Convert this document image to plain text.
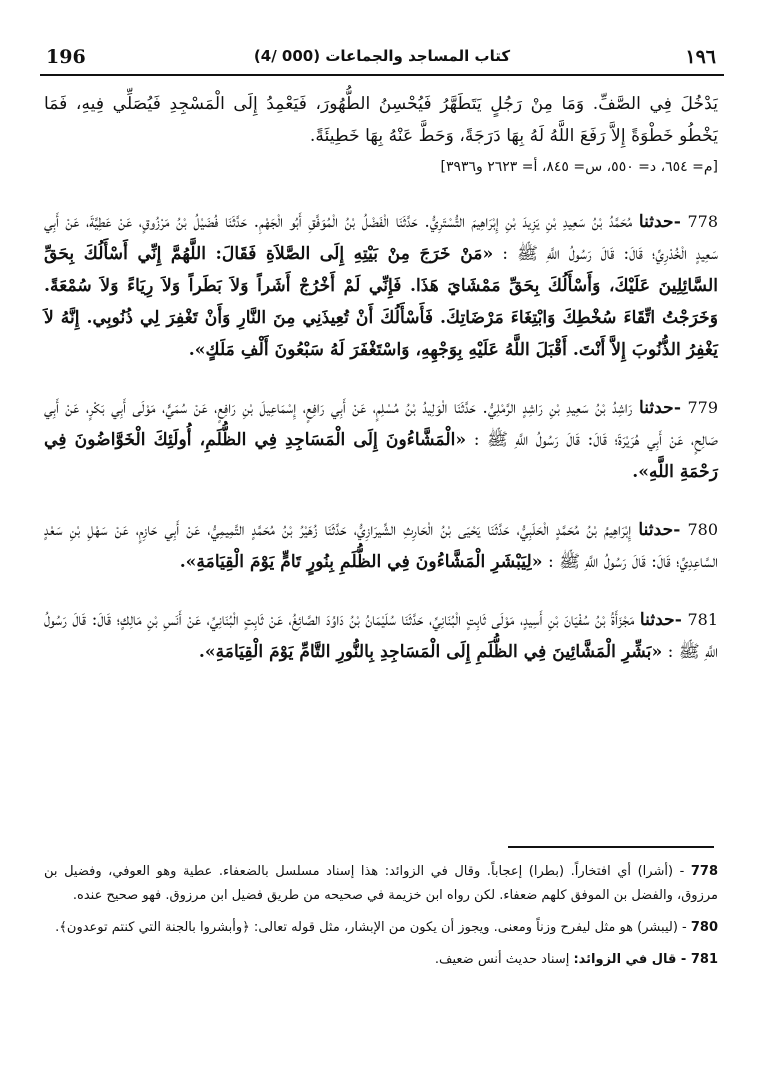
196	(4/ 000) كتاب المساجد والجماعات	١٩٦

يَدْخُلَ فِي الصَّفِّ. وَمَا مِنْ رَجُلٍ يَتَطَهَّرُ فَيُحْسِنُ الطُّهُورَ، فَيَعْمِدُ إِلَى الْمَسْجِدِ فَيُصَلِّي فِيهِ، فَمَا يَخْطُو خَطْوَةً إِلاَّ رَفَعَ اللَّهُ لَهُ بِهَا دَرَجَةً، وَحَطَّ عَنْهُ بِهَا خَطِيئَةً.

[م= ٦٥٤، د= ٥٥٠، س= ٨٤٥، أ= ٢٦٢٣ و٣٩٣٦]

778 -حدثنا مُحَمَّدُ بْنُ سَعِيدِ بْنِ يَزِيدَ بْنِ إِبْرَاهِيمَ التُّسْتَرِيُّ. حَدَّثَنَا الْفَضْلُ بْنُ الْمُوَفَّقِ أَبُو الْجَهْمِ. حَدَّثَنَا فُضَيْلُ بْنُ مَرْزُوقٍ، عَنْ عَطِيَّةَ، عَنْ أَبِي سَعِيدٍ الْخُدْرِيِّ؛ قَالَ: قَالَ رَسُولُ اللَّهِ ﷺ : «مَنْ خَرَجَ مِنْ بَيْتِهِ إِلَى الصَّلاَةِ فَقَالَ: اللَّهُمَّ إِنِّي أَسْأَلُكَ بِحَقِّ السَّائِلِينَ عَلَيْكَ، وَأَسْأَلُكَ بِحَقِّ مَمْشَايَ هَذَا. فَإِنِّي لَمْ أَخْرُجْ أَشَراً وَلاَ بَطَراً وَلاَ رِيَاءً وَلاَ سُمْعَةً. وَخَرَجْتُ اتِّقَاءَ سُخْطِكَ وَابْتِغَاءَ مَرْضَاتِكَ. فَأَسْأَلُكَ أَنْ تُعِيذَنِي مِنَ النَّارِ وَأَنْ تَغْفِرَ لِي ذُنُوبِي. إِنَّهُ لاَ يَغْفِرُ الذُّنُوبَ إِلاَّ أَنْتَ. أَقْبَلَ اللَّهُ عَلَيْهِ بِوَجْهِهِ، وَاسْتَغْفَرَ لَهُ سَبْعُونَ أَلْفِ مَلَكٍ».

779 -حدثنا رَاشِدُ بْنُ سَعِيدِ بْنِ رَاشِدٍ الرَّمْلِيُّ. حَدَّثَنَا الْوَلِيدُ بْنُ مُسْلِمٍ، عَنْ أَبِي رَافِعٍ، إِسْمَاعِيلَ بْنِ رَافِعٍ، عَنْ سُمَيٍّ، مَوْلَى أَبِي بَكْرٍ، عَنْ أَبِي صَالِحٍ، عَنْ أَبِي هُرَيْرَةَ؛ قَالَ: قَالَ رَسُولُ اللَّهِ ﷺ : «الْمَشَّاءُونَ إِلَى الْمَسَاجِدِ فِي الظُّلَمِ، أُولَئِكَ الْخَوَّاضُونَ فِي رَحْمَةِ اللَّهِ».

780 -حدثنا إِبْرَاهِيمُ بْنُ مُحَمَّدٍ الْحَلَبِيُّ، حَدَّثَنَا يَحْيَى بْنُ الْحَارِثِ الشِّيرَازِيُّ، حَدَّثَنَا زُهَيْرُ بْنُ مُحَمَّدٍ التَّمِيمِيُّ، عَنْ أَبِي حَازِمٍ، عَنْ سَهْلِ بْنِ سَعْدٍ السَّاعِدِيِّ؛ قَالَ: قَالَ رَسُولُ اللَّهِ ﷺ : «لِيَبْشَرِ الْمَشَّاءُونَ فِي الظُّلَمِ بِنُورٍ تَامٍّ يَوْمَ الْقِيَامَةِ».

781 -حدثنا مَجْزَأَةُ بْنُ سُفْيَانَ بْنِ أَسِيدٍ، مَوْلَى ثَابِتٍ الْبُنَانِيِّ، حَدَّثَنَا سُلَيْمَانُ بْنُ دَاوُدَ الصَّائِغُ، عَنْ ثَابِتٍ الْبُنَانِيِّ، عَنْ أَنَسِ بْنِ مَالِكٍ؛ قَالَ: قَالَ رَسُولُ اللَّهِ ﷺ : «بَشِّرِ الْمَشَّائِينَ فِي الظُّلَمِ إِلَى الْمَسَاجِدِ بِالنُّورِ التَّامِّ يَوْمَ الْقِيَامَةِ».

778 - (أشرا) أي افتخاراً. (بطرا) إعجاباً. وقال في الزوائد: هذا إسناد مسلسل بالضعفاء. عطية وهو العوفي، وفضيل بن مرزوق، والفضل بن الموفق كلهم ضعفاء. لكن رواه ابن خزيمة في صحيحه من طريق فضيل ابن مرزوق. فهو صحيح عنده.

780 - (ليبشر) هو مثل ليفرح وزناً ومعنى. ويجوز أن يكون من الإبشار، مثل قوله تعالى: ﴿وأبشروا بالجنة التي كنتم توعدون﴾.

781 - قال في الزوائد: إسناد حديث أنس ضعيف.
